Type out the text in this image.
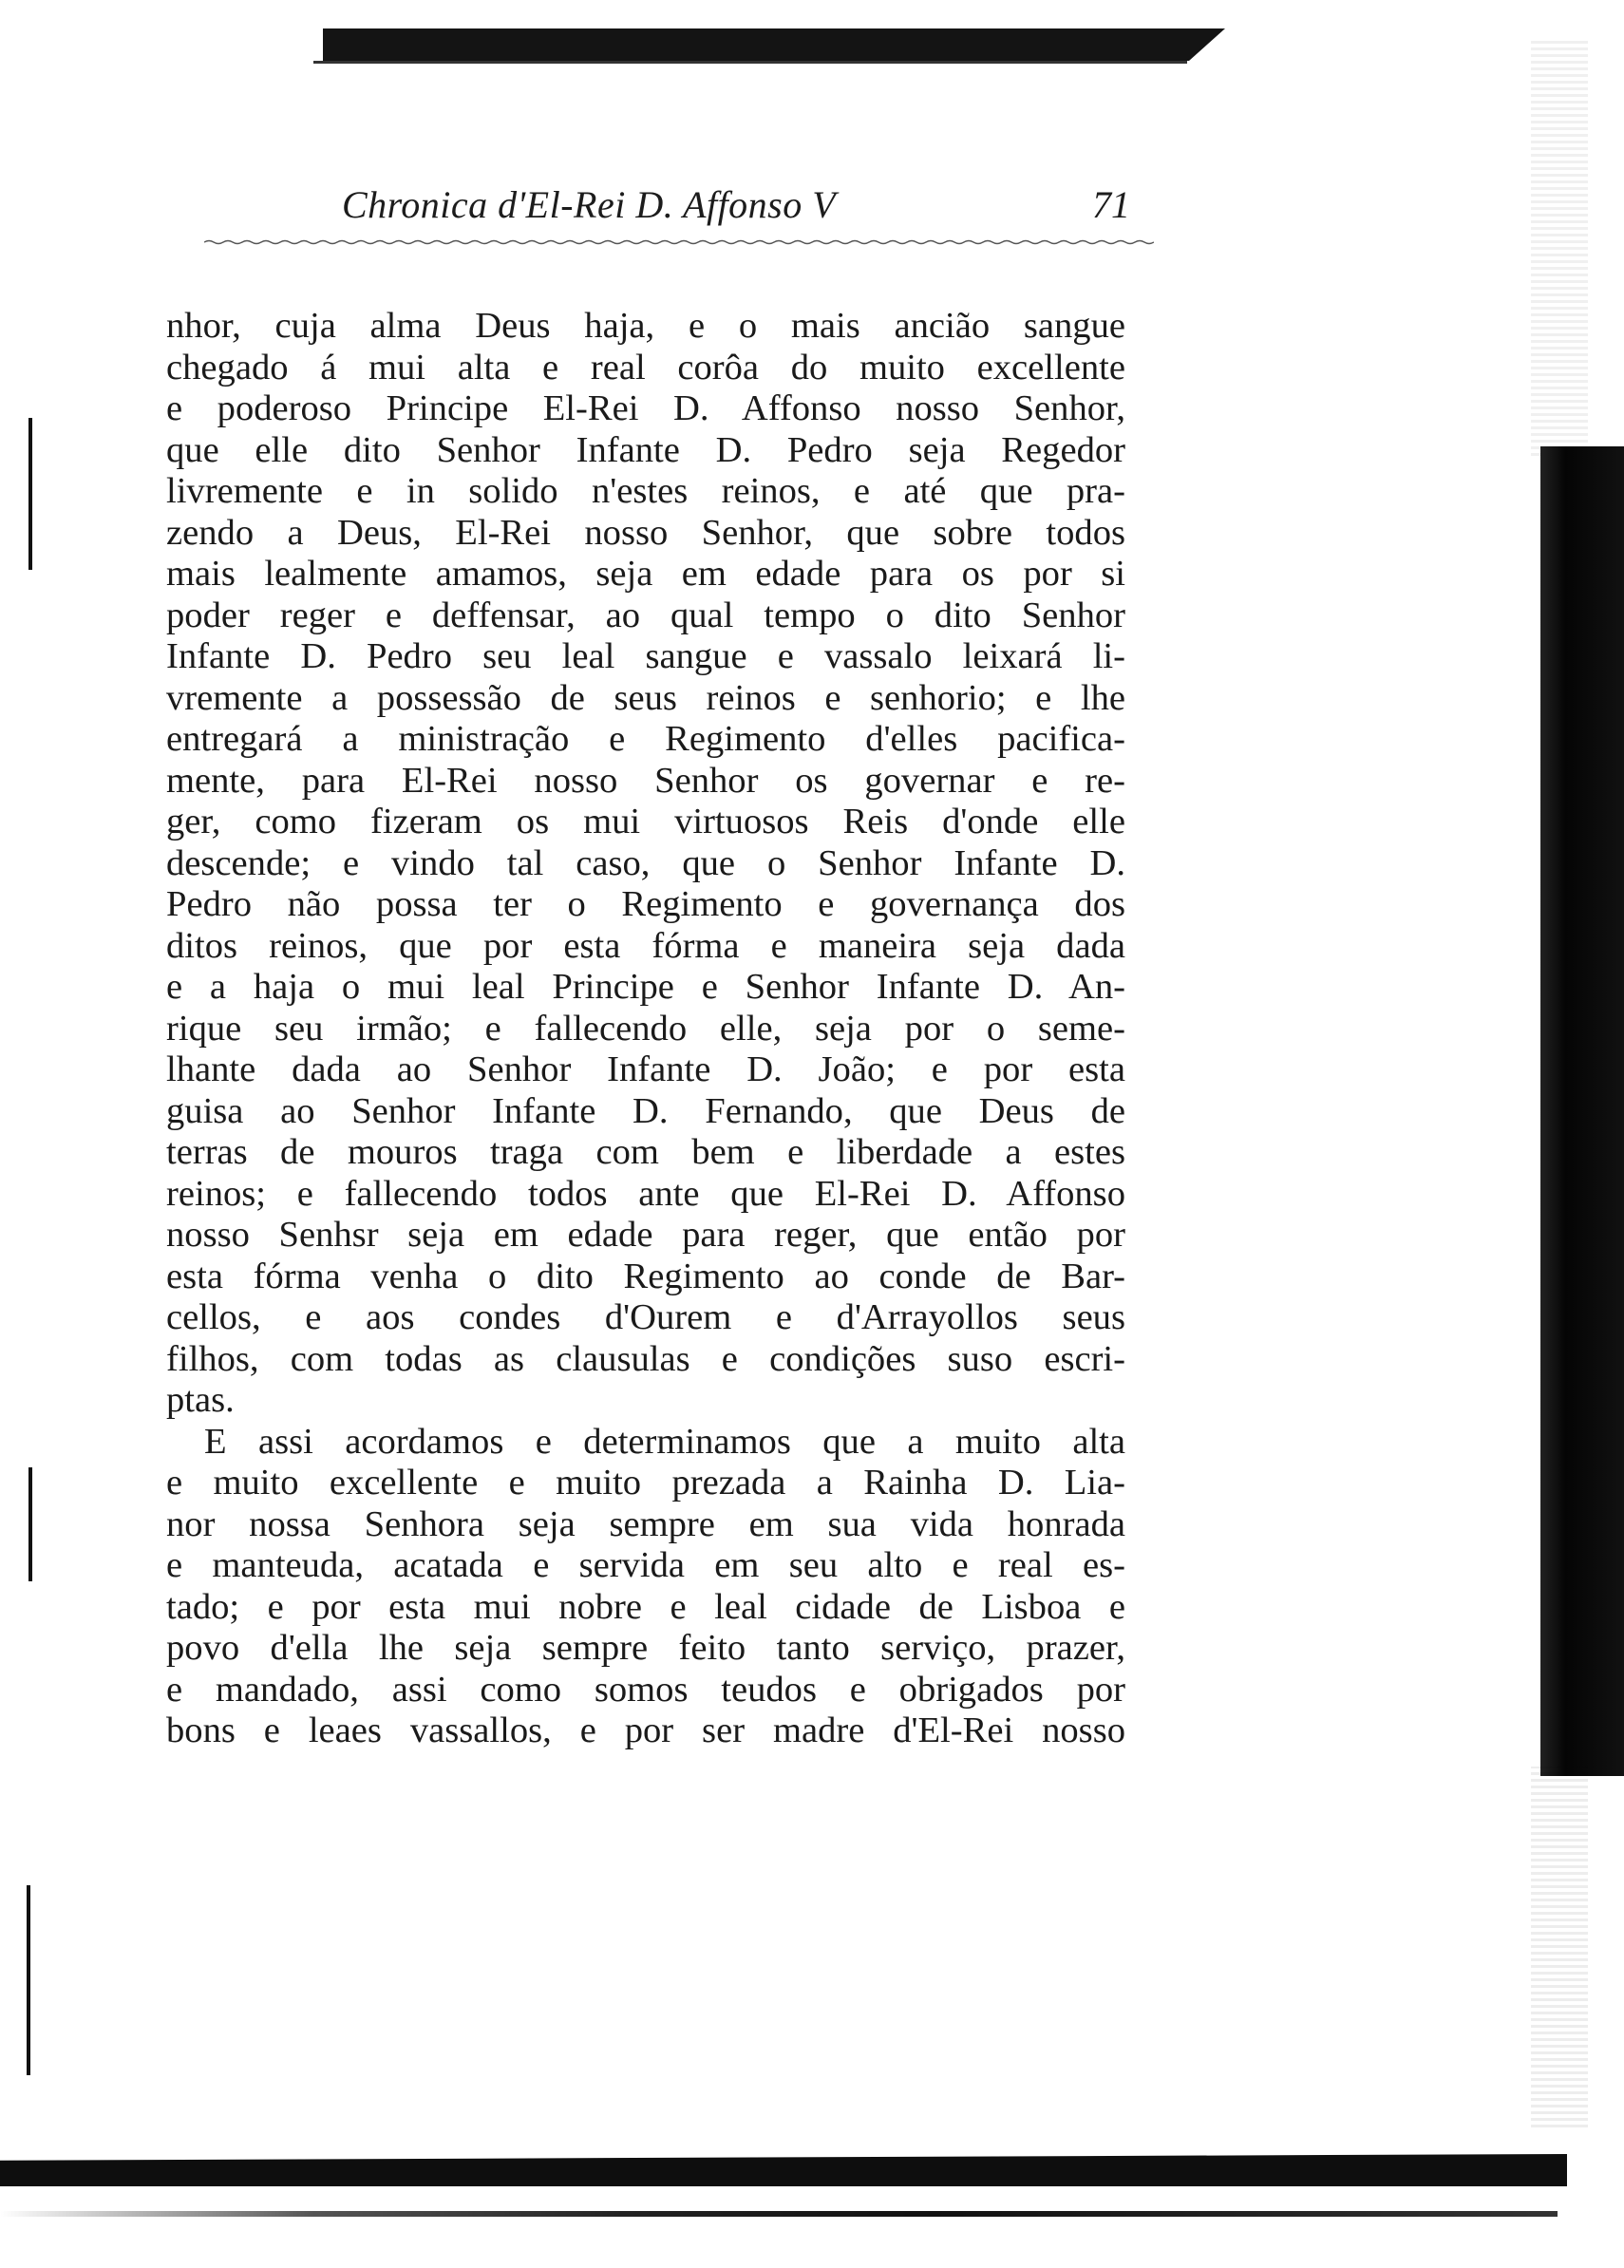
Chronica d'El-Rei D. Affonso V	71
nhor, cuja alma Deus haja, e o mais ancião sangue
chegado á mui alta e real corôa do muito excellente
e poderoso Principe El-Rei D. Affonso nosso Senhor,
que elle dito Senhor Infante D. Pedro seja Regedor
livremente e in solido n'estes reinos, e até que pra-
zendo a Deus, El-Rei nosso Senhor, que sobre todos
mais lealmente amamos, seja em edade para os por si
poder reger e deffensar, ao qual tempo o dito Senhor
Infante D. Pedro seu leal sangue e vassalo leixará li-
vremente a possessão de seus reinos e senhorio; e lhe
entregará a ministração e Regimento d'elles pacifica-
mente, para El-Rei nosso Senhor os governar e re-
ger, como fizeram os mui virtuosos Reis d'onde elle
descende; e vindo tal caso, que o Senhor Infante D.
Pedro não possa ter o Regimento e governança dos
ditos reinos, que por esta fórma e maneira seja dada
e a haja o mui leal Principe e Senhor Infante D. An-
rique seu irmão; e fallecendo elle, seja por o seme-
lhante dada ao Senhor Infante D. João; e por esta
guisa ao Senhor Infante D. Fernando, que Deus de
terras de mouros traga com bem e liberdade a estes
reinos; e fallecendo todos ante que El-Rei D. Affonso
nosso Senhsr seja em edade para reger, que então por
esta fórma venha o dito Regimento ao conde de Bar-
cellos, e aos condes d'Ourem e d'Arrayollos seus
filhos, com todas as clausulas e condições suso escri-
ptas.
E assi acordamos e determinamos que a muito alta
e muito excellente e muito prezada a Rainha D. Lia-
nor nossa Senhora seja sempre em sua vida honrada
e manteuda, acatada e servida em seu alto e real es-
tado; e por esta mui nobre e leal cidade de Lisboa e
povo d'ella lhe seja sempre feito tanto serviço, prazer,
e mandado, assi como somos teudos e obrigados por
bons e leaes vassallos, e por ser madre d'El-Rei nosso
